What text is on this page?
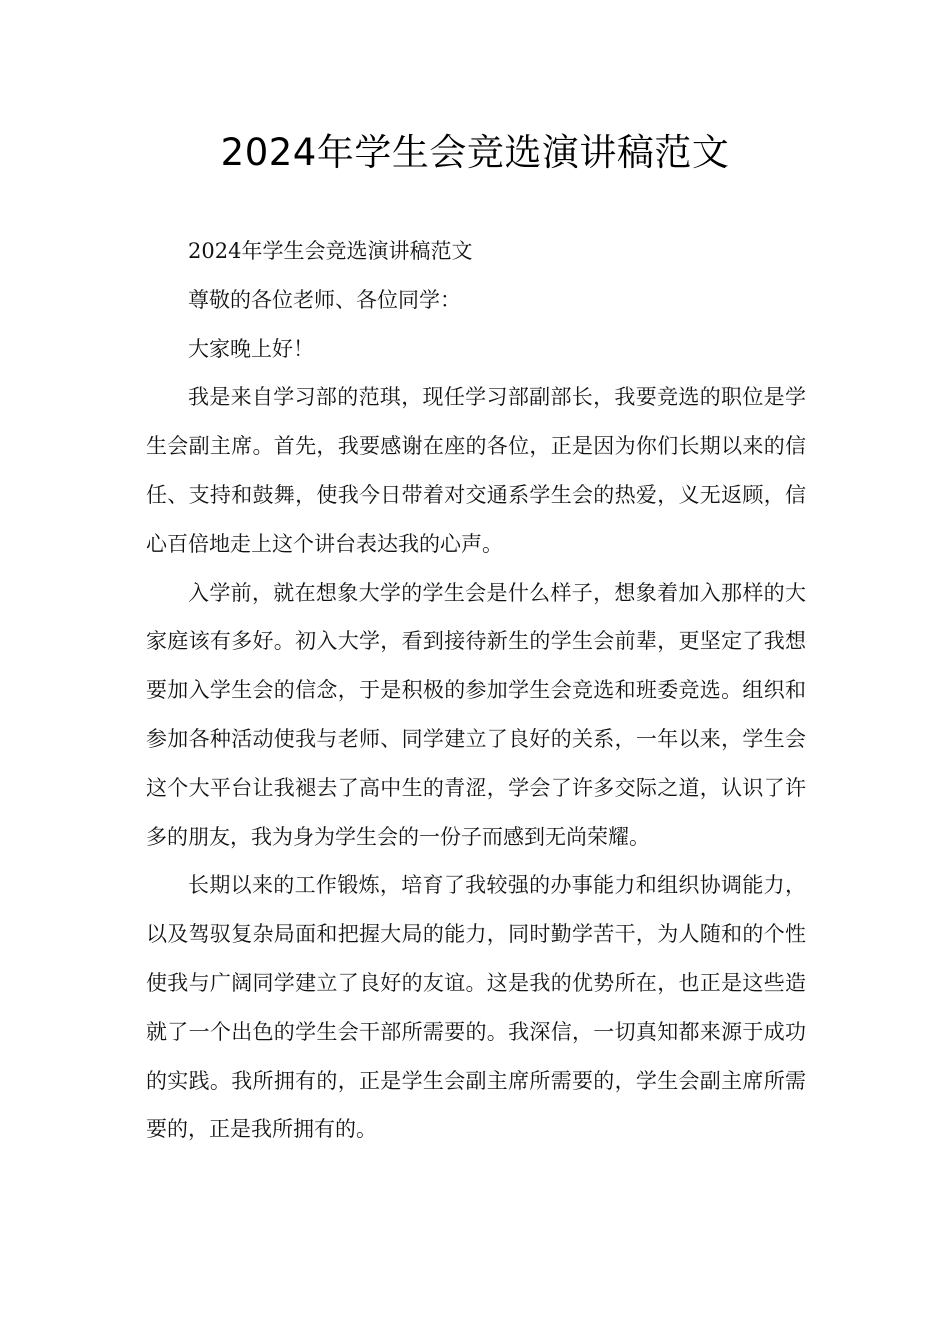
2024年学生会竞选演讲稿范文

2024年学生会竞选演讲稿范文

尊敬的各位老师、各位同学：

大家晚上好！

我是来自学习部的范琪，现任学习部副部长，我要竞选的职位是学生会副主席。首先，我要感谢在座的各位，正是因为你们长期以来的信任、支持和鼓舞，使我今日带着对交通系学生会的热爱，义无返顾，信心百倍地走上这个讲台表达我的心声。

入学前，就在想象大学的学生会是什么样子，想象着加入那样的大家庭该有多好。初入大学，看到接待新生的学生会前辈，更坚定了我想要加入学生会的信念，于是积极的参加学生会竞选和班委竞选。组织和参加各种活动使我与老师、同学建立了良好的关系，一年以来，学生会这个大平台让我褪去了高中生的青涩，学会了许多交际之道，认识了许多的朋友，我为身为学生会的一份子而感到无尚荣耀。

长期以来的工作锻炼，培育了我较强的办事能力和组织协调能力，以及驾驭复杂局面和把握大局的能力，同时勤学苦干，为人随和的个性使我与广阔同学建立了良好的友谊。这是我的优势所在，也正是这些造就了一个出色的学生会干部所需要的。我深信，一切真知都来源于成功的实践。我所拥有的，正是学生会副主席所需要的，学生会副主席所需要的，正是我所拥有的。
